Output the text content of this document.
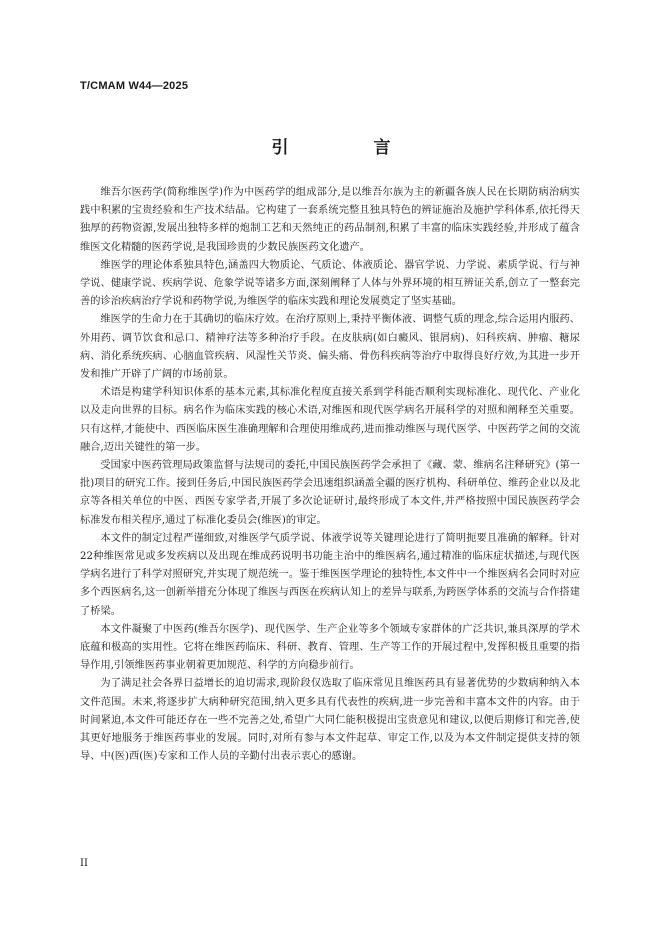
T/CMAM W44—2025
引　言

维吾尔医药学(简称维医学)作为中医药学的组成部分,是以维吾尔族为主的新疆各族人民在长期防病治病实践中积累的宝贵经验和生产技术结晶。它构建了一套系统完整且独具特色的辨证施治及施护学科体系,依托得天独厚的药物资源,发展出独特多样的炮制工艺和天然纯正的药品制剂,积累了丰富的临床实践经验,并形成了蕴含维医文化精髓的医药学说,是我国珍贵的少数民族医药文化遗产。

维医学的理论体系独具特色,涵盖四大物质论、气质论、体液质论、器官学说、力学说、素质学说、行与神学说、健康学说、疾病学说、危象学说等诸多方面,深刻阐释了人体与外界环境的相互辨证关系,创立了一整套完善的诊治疾病治疗学说和药物学说,为维医学的临床实践和理论发展奠定了坚实基础。

维医学的生命力在于其确切的临床疗效。在治疗原则上,秉持平衡体液、调整气质的理念,综合运用内服药、外用药、调节饮食和忌口、精神疗法等多种治疗手段。在皮肤病(如白癜风、银屑病)、妇科疾病、肿瘤、糖尿病、消化系统疾病、心脑血管疾病、风湿性关节炎、偏头痛、骨伤科疾病等治疗中取得良好疗效,为其进一步开发和推广开辟了广阔的市场前景。

术语是构建学科知识体系的基本元素,其标准化程度直接关系到学科能否顺利实现标准化、现代化、产业化以及走向世界的目标。病名作为临床实践的核心术语,对维医和现代医学病名开展科学的对照和阐释至关重要。只有这样,才能使中、西医临床医生准确理解和合理使用维成药,进而推动维医与现代医学、中医药学之间的交流融合,迈出关键性的第一步。

受国家中医药管理局政策监督与法规司的委托,中国民族医药学会承担了《藏、蒙、维病名注释研究》(第一批)项目的研究工作。接到任务后,中国民族医药学会迅速组织涵盖全疆的医疗机构、科研单位、维药企业以及北京等各相关单位的中医、西医专家学者,开展了多次论证研讨,最终形成了本文件,并严格按照中国民族医药学会标准发布相关程序,通过了标准化委员会(维医)的审定。

本文件的制定过程严谨细致,对维医学气质学说、体液学说等关键理论进行了简明扼要且准确的解释。针对22种维医常见或多发疾病以及出现在维成药说明书功能主治中的维医病名,通过精准的临床症状描述,与现代医学病名进行了科学对照研究,并实现了规范统一。鉴于维医医学理论的独特性,本文件中一个维医病名会同时对应多个西医病名,这一创新举措充分体现了维医与西医在疾病认知上的差异与联系,为跨医学体系的交流与合作搭建了桥梁。

本文件凝聚了中医药(维吾尔医学)、现代医学、生产企业等多个领域专家群体的广泛共识,兼具深厚的学术底蕴和极高的实用性。它将在维医药临床、科研、教育、管理、生产等工作的开展过程中,发挥积极且重要的指导作用,引领维医药事业朝着更加规范、科学的方向稳步前行。

为了满足社会各界日益增长的迫切需求,现阶段仅选取了临床常见且维医药具有显著优势的少数病种纳入本文件范围。未来,将逐步扩大病种研究范围,纳入更多具有代表性的疾病,进一步完善和丰富本文件的内容。由于时间紧迫,本文件可能还存在一些不完善之处,希望广大同仁能积极提出宝贵意见和建议,以便后期修订和完善,使其更好地服务于维医药事业的发展。同时,对所有参与本文件起草、审定工作,以及为本文件制定提供支持的领导、中(医)西(医)专家和工作人员的辛勤付出表示衷心的感谢。

II
